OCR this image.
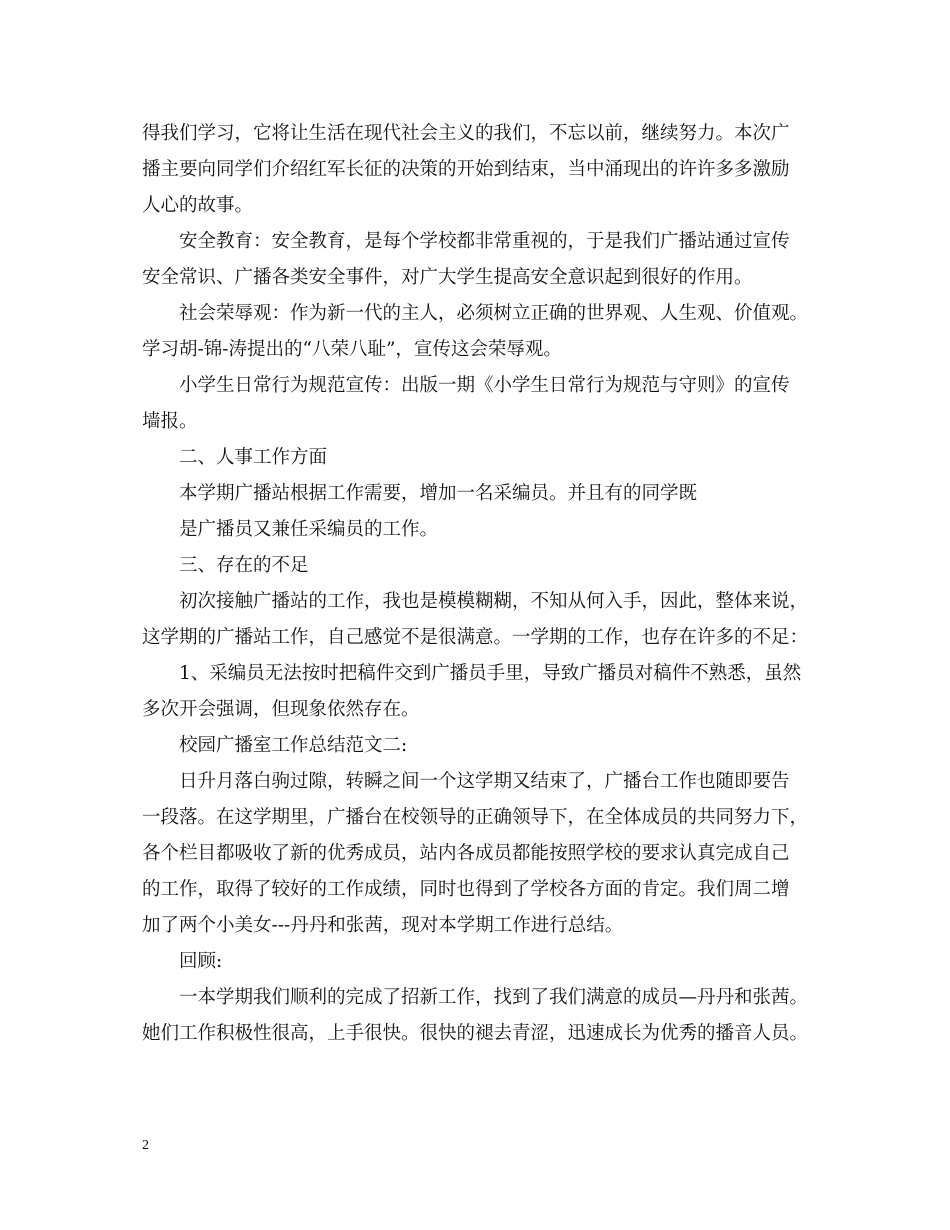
得我们学习，它将让生活在现代社会主义的我们，不忘以前，继续努力。本次广
播主要向同学们介绍红军长征的决策的开始到结束，当中涌现出的许许多多激励
人心的故事。
安全教育：安全教育，是每个学校都非常重视的，于是我们广播站通过宣传
安全常识、广播各类安全事件，对广大学生提高安全意识起到很好的作用。
社会荣辱观：作为新一代的主人，必须树立正确的世界观、人生观、价值观。
学习胡-锦-涛提出的“八荣八耻”，宣传这会荣辱观。
小学生日常行为规范宣传：出版一期《小学生日常行为规范与守则》的宣传
墙报。
二、人事工作方面
本学期广播站根据工作需要，增加一名采编员。并且有的同学既
是广播员又兼任采编员的工作。
三、存在的不足
初次接触广播站的工作，我也是模模糊糊，不知从何入手，因此，整体来说，
这学期的广播站工作，自己感觉不是很满意。一学期的工作，也存在许多的不足：
1、采编员无法按时把稿件交到广播员手里，导致广播员对稿件不熟悉，虽然
多次开会强调，但现象依然存在。
校园广播室工作总结范文二:
日升月落白驹过隙，转瞬之间一个这学期又结束了，广播台工作也随即要告
一段落。在这学期里，广播台在校领导的正确领导下，在全体成员的共同努力下，
各个栏目都吸收了新的优秀成员，站内各成员都能按照学校的要求认真完成自己
的工作，取得了较好的工作成绩，同时也得到了学校各方面的肯定。我们周二增
加了两个小美女---丹丹和张茜，现对本学期工作进行总结。
回顾:
一本学期我们顺利的完成了招新工作，找到了我们满意的成员—丹丹和张茜。
她们工作积极性很高，上手很快。很快的褪去青涩，迅速成长为优秀的播音人员。
2
